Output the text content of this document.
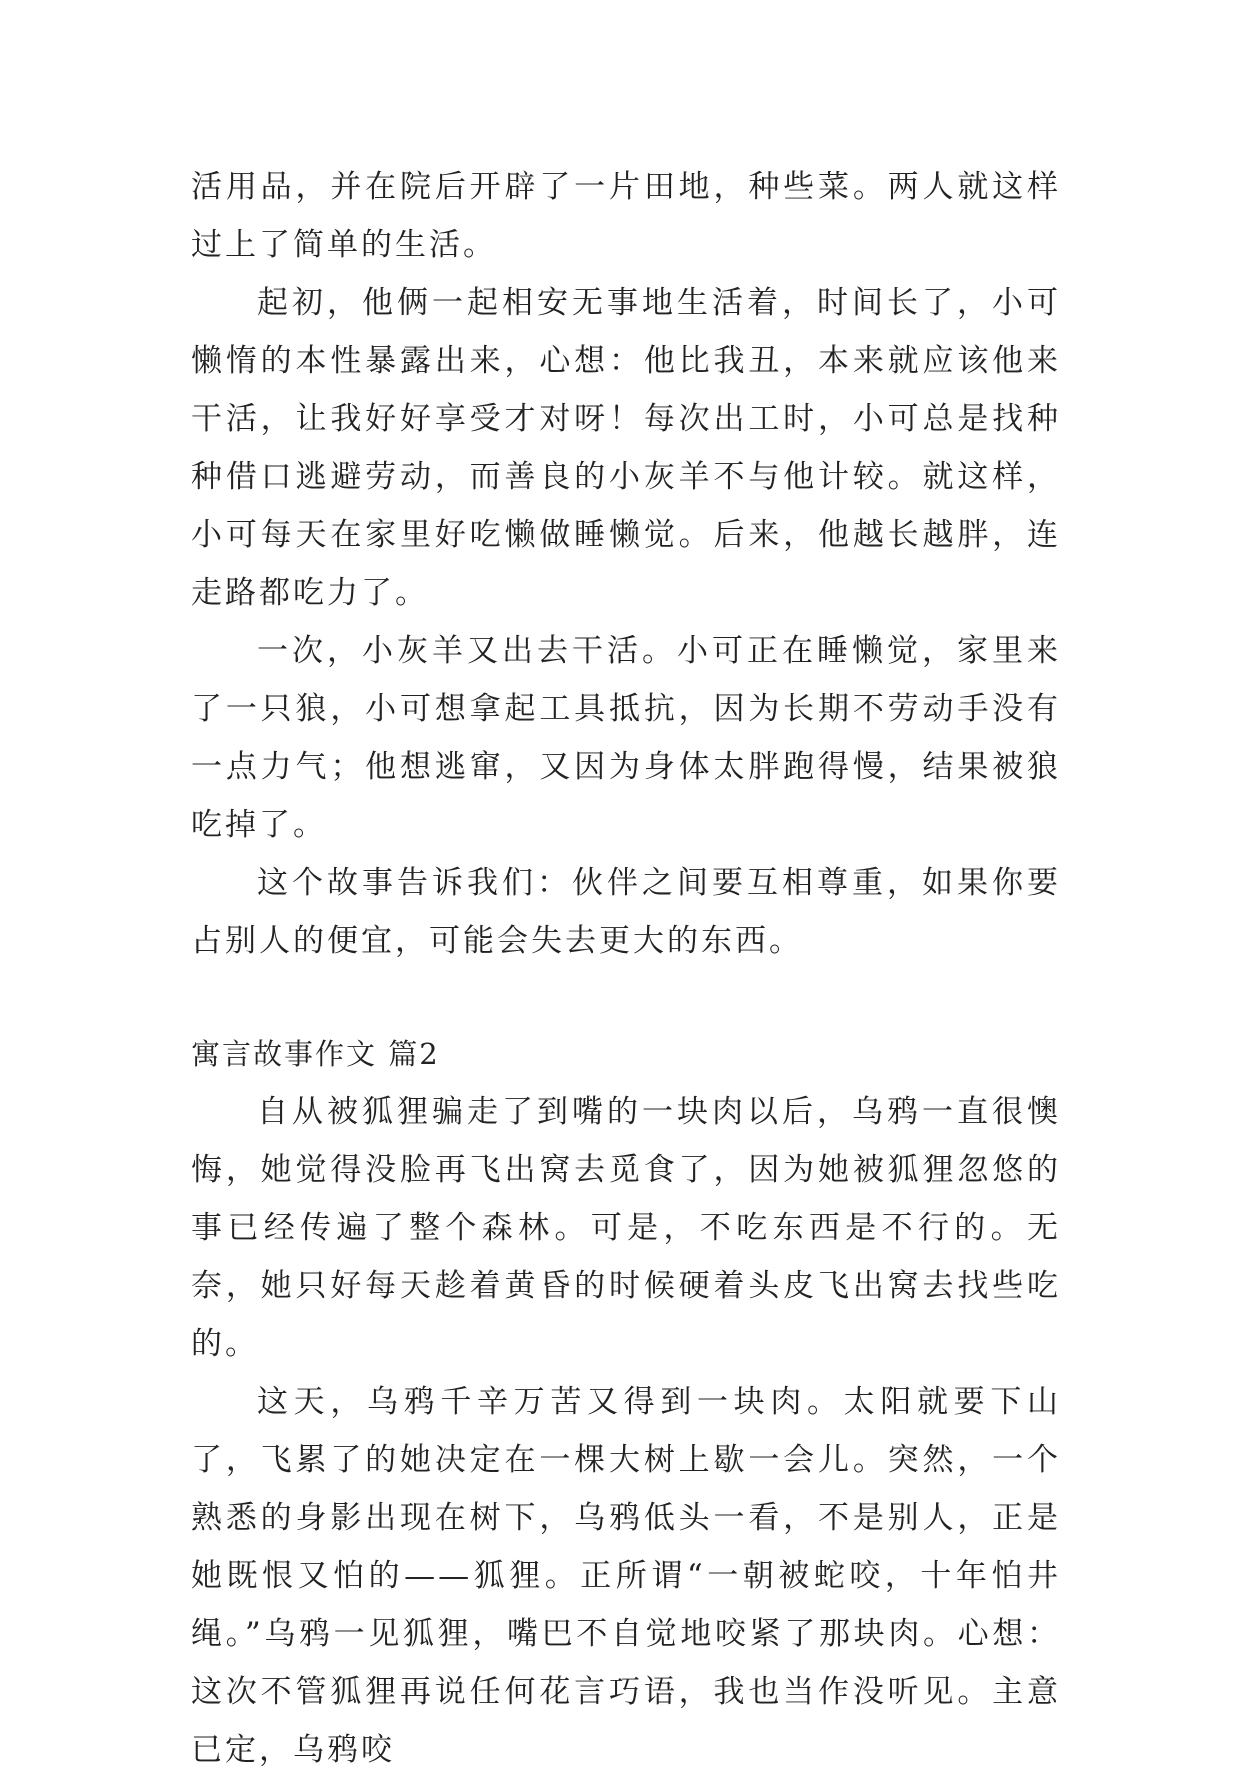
活用品，并在院后开辟了一片田地，种些菜。两人就这样过上了简单的生活。

起初，他俩一起相安无事地生活着，时间长了，小可懒惰的本性暴露出来，心想：他比我丑，本来就应该他来干活，让我好好享受才对呀！每次出工时，小可总是找种种借口逃避劳动，而善良的小灰羊不与他计较。就这样，小可每天在家里好吃懒做睡懒觉。后来，他越长越胖，连走路都吃力了。

一次，小灰羊又出去干活。小可正在睡懒觉，家里来了一只狼，小可想拿起工具抵抗，因为长期不劳动手没有一点力气；他想逃窜，又因为身体太胖跑得慢，结果被狼吃掉了。

这个故事告诉我们：伙伴之间要互相尊重，如果你要占别人的便宜，可能会失去更大的东西。

寓言故事作文 篇2

自从被狐狸骗走了到嘴的一块肉以后，乌鸦一直很懊悔，她觉得没脸再飞出窝去觅食了，因为她被狐狸忽悠的事已经传遍了整个森林。可是，不吃东西是不行的。无奈，她只好每天趁着黄昏的时候硬着头皮飞出窝去找些吃的。

这天，乌鸦千辛万苦又得到一块肉。太阳就要下山了，飞累了的她决定在一棵大树上歇一会儿。突然，一个熟悉的身影出现在树下，乌鸦低头一看，不是别人，正是她既恨又怕的——狐狸。正所谓“一朝被蛇咬，十年怕井绳。”乌鸦一见狐狸，嘴巴不自觉地咬紧了那块肉。心想：这次不管狐狸再说任何花言巧语，我也当作没听见。主意已定，乌鸦咬
